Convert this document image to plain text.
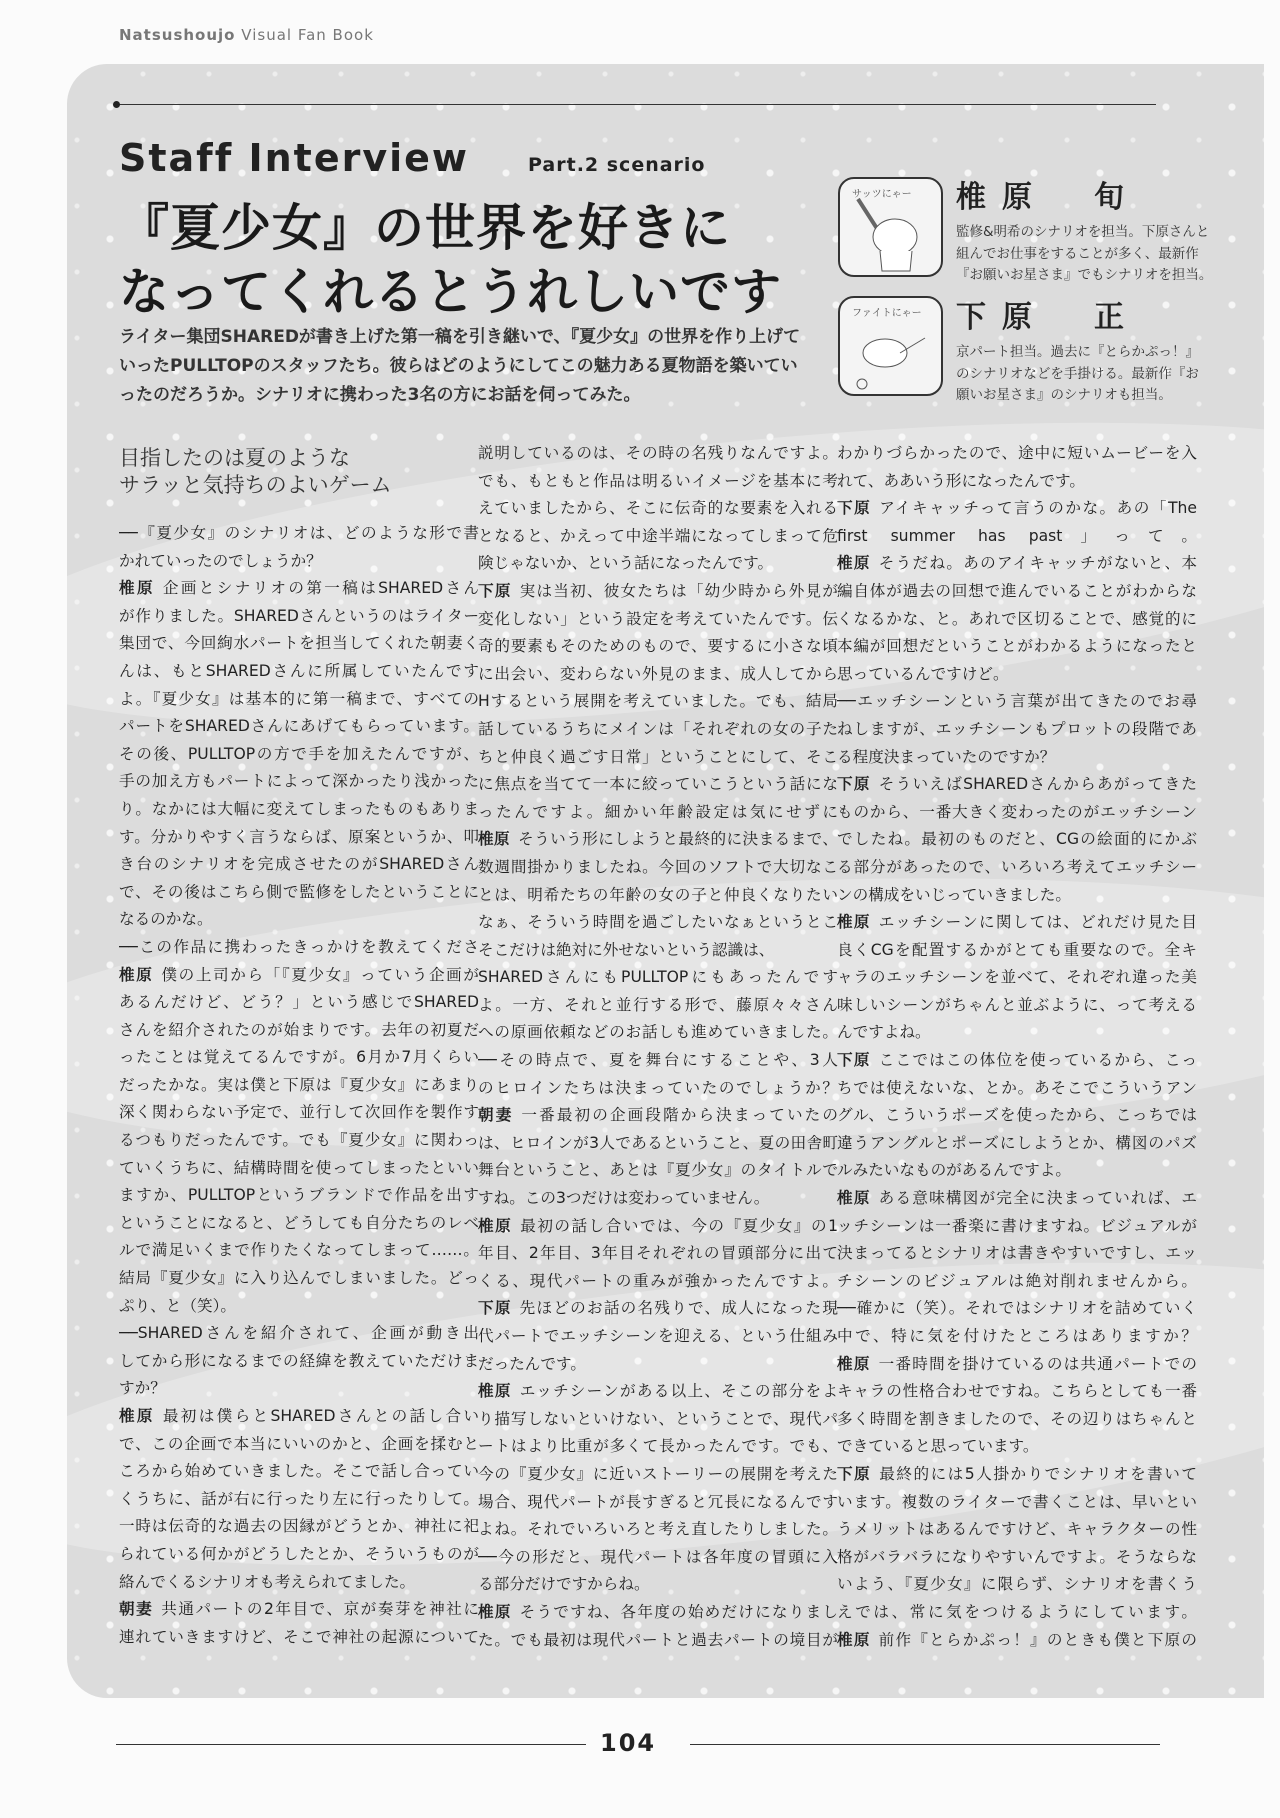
Natsushoujo Visual Fan Book
Staff Interview	Part.2 scenario
『夏少女』の世界を好きに
なってくれるとうれしいです
ライター集団SHAREDが書き上げた第一稿を引き継いで、『夏少女』の世界を作り上げて
いったPULLTOPのスタッフたち。彼らはどのようにしてこの魅力ある夏物語を築いてい
ったのだろうか。シナリオに携わった3名の方にお話を伺ってみた。
サッツにゃー
ファイトにゃー
椎原　旬
監修&明希のシナリオを担当。下原さんと
組んでお仕事をすることが多く、最新作
『お願いお星さま』でもシナリオを担当。
下原　正
京パート担当。過去に『とらかぷっ！』
のシナリオなどを手掛ける。最新作『お
願いお星さま』のシナリオも担当。
目指したのは夏のような
サラッと気持ちのよいゲーム
──『夏少女』のシナリオは、どのような形で書
かれていったのでしょうか？
椎原 企画とシナリオの第一稿はSHAREDさん
が作りました。SHAREDさんというのはライター
集団で、今回絢水パートを担当してくれた朝妻く
んは、もとSHAREDさんに所属していたんです
よ。『夏少女』は基本的に第一稿まで、すべての
パートをSHAREDさんにあげてもらっています。
その後、PULLTOPの方で手を加えたんですが、
手の加え方もパートによって深かったり浅かった
り。なかには大幅に変えてしまったものもありま
す。分かりやすく言うならば、原案というか、叩
き台のシナリオを完成させたのがSHAREDさん
で、その後はこちら側で監修をしたということに
なるのかな。
──この作品に携わったきっかけを教えてくださ
椎原 僕の上司から「『夏少女』っていう企画が
あるんだけど、どう？」という感じでSHARED
さんを紹介されたのが始まりです。去年の初夏だ
ったことは覚えてるんですが。6月か7月くらい
だったかな。実は僕と下原は『夏少女』にあまり
深く関わらない予定で、並行して次回作を製作す
るつもりだったんです。でも『夏少女』に関わっ
ていくうちに、結構時間を使ってしまったといい
ますか、PULLTOPというブランドで作品を出す
ということになると、どうしても自分たちのレベ
ルで満足いくまで作りたくなってしまって……。
結局『夏少女』に入り込んでしまいました。どっ
ぷり、と（笑）。
──SHAREDさんを紹介されて、企画が動き出
してから形になるまでの経緯を教えていただけま
すか？
椎原 最初は僕らとSHAREDさんとの話し合い
で、この企画で本当にいいのかと、企画を揉むと
ころから始めていきました。そこで話し合ってい
くうちに、話が右に行ったり左に行ったりして。
一時は伝奇的な過去の因縁がどうとか、神社に祀
られている何かがどうしたとか、そういうものが
絡んでくるシナリオも考えられてました。
朝妻 共通パートの2年目で、京が奏芽を神社に
連れていきますけど、そこで神社の起源について
説明しているのは、その時の名残りなんですよ。
でも、もともと作品は明るいイメージを基本に考
えていましたから、そこに伝奇的な要素を入れる
となると、かえって中途半端になってしまって危
険じゃないか、という話になったんです。
下原 実は当初、彼女たちは「幼少時から外見が
変化しない」という設定を考えていたんです。伝
奇的要素もそのためのもので、要するに小さな頃
に出会い、変わらない外見のまま、成人してから
Hするという展開を考えていました。でも、結局
話しているうちにメインは「それぞれの女の子た
ちと仲良く過ごす日常」ということにして、そこ
に焦点を当てて一本に絞っていこうという話にな
ったんですよ。細かい年齢設定は気にせずに
椎原 そういう形にしようと最終的に決まるまで、
数週間掛かりましたね。今回のソフトで大切なこ
とは、明希たちの年齢の女の子と仲良くなりたい
なぁ、そういう時間を過ごしたいなぁというとこ
そこだけは絶対に外せないという認識は、
SHAREDさんにもPULLTOPにもあったんです
よ。一方、それと並行する形で、藤原々々さん
への原画依頼などのお話しも進めていきました。
──その時点で、夏を舞台にすることや、3人
のヒロインたちは決まっていたのでしょうか？
朝妻 一番最初の企画段階から決まっていたの
は、ヒロインが3人であるということ、夏の田舎町
舞台ということ、あとは『夏少女』のタイトルで
すね。この3つだけは変わっていません。
椎原 最初の話し合いでは、今の『夏少女』の1
年目、2年目、3年目それぞれの冒頭部分に出て
くる、現代パートの重みが強かったんですよ。
下原 先ほどのお話の名残りで、成人になった現
代パートでエッチシーンを迎える、という仕組み
だったんです。
椎原 エッチシーンがある以上、そこの部分をよ
り描写しないといけない、ということで、現代パ
ートはより比重が多くて長かったんです。でも、
今の『夏少女』に近いストーリーの展開を考えた
場合、現代パートが長すぎると冗長になるんです
よね。それでいろいろと考え直したりしました。
──今の形だと、現代パートは各年度の冒頭に入
る部分だけですからね。
椎原 そうですね、各年度の始めだけになりまし
た。でも最初は現代パートと過去パートの境目が
わかりづらかったので、途中に短いムービーを入
れて、ああいう形になったんです。
下原 アイキャッチって言うのかな。あの「The
first summer has past」って。
椎原 そうだね。あのアイキャッチがないと、本
編自体が過去の回想で進んでいることがわからな
くなるかな、と。あれで区切ることで、感覚的に
本編が回想だということがわかるようになったと
思っているんですけど。
──エッチシーンという言葉が出てきたのでお尋
ねしますが、エッチシーンもプロットの段階であ
る程度決まっていたのですか？
下原 そういえばSHAREDさんからあがってきた
ものから、一番大きく変わったのがエッチシーン
でしたね。最初のものだと、CGの絵面的にかぶ
る部分があったので、いろいろ考えてエッチシー
ンの構成をいじっていきました。
椎原 エッチシーンに関しては、どれだけ見た目
良くCGを配置するかがとても重要なので。全キ
ャラのエッチシーンを並べて、それぞれ違った美
味しいシーンがちゃんと並ぶように、って考える
んですよね。
下原 ここではこの体位を使っているから、こっ
ちでは使えないな、とか。あそこでこういうアン
グル、こういうポーズを使ったから、こっちでは
違うアングルとポーズにしようとか、構図のパズ
ルみたいなものがあるんですよ。
椎原 ある意味構図が完全に決まっていれば、エ
ッチシーンは一番楽に書けますね。ビジュアルが
決まってるとシナリオは書きやすいですし、エッ
チシーンのビジュアルは絶対削れませんから。
──確かに（笑）。それではシナリオを詰めていく
中で、特に気を付けたところはありますか？
椎原 一番時間を掛けているのは共通パートでの
キャラの性格合わせですね。こちらとしても一番
多く時間を割きましたので、その辺りはちゃんと
できていると思っています。
下原 最終的には5人掛かりでシナリオを書いて
います。複数のライターで書くことは、早いとい
うメリットはあるんですけど、キャラクターの性
格がバラバラになりやすいんですよ。そうならな
いよう、『夏少女』に限らず、シナリオを書くう
えでは、常に気をつけるようにしています。
椎原 前作『とらかぷっ！』のときも僕と下原の
104
